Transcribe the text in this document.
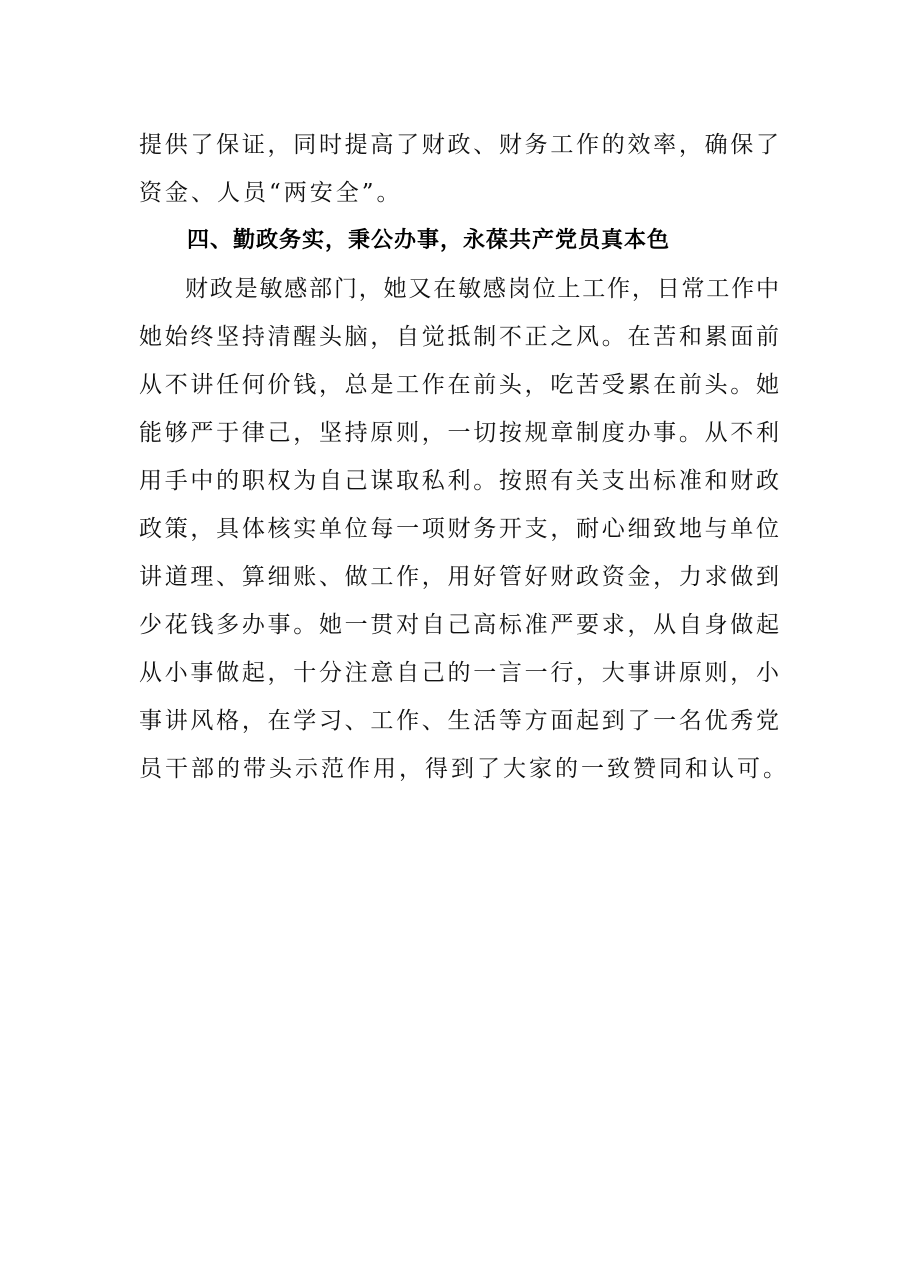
提供了保证，同时提高了财政、财务工作的效率，确保了
资金、人员“两安全”。
四、勤政务实，秉公办事，永葆共产党员真本色
财政是敏感部门，她又在敏感岗位上工作，日常工作中
她始终坚持清醒头脑，自觉抵制不正之风。在苦和累面前
从不讲任何价钱，总是工作在前头，吃苦受累在前头。她
能够严于律己，坚持原则，一切按规章制度办事。从不利
用手中的职权为自己谋取私利。按照有关支出标准和财政
政策，具体核实单位每一项财务开支，耐心细致地与单位
讲道理、算细账、做工作，用好管好财政资金，力求做到
少花钱多办事。她一贯对自己高标准严要求，从自身做起
从小事做起，十分注意自己的一言一行，大事讲原则，小
事讲风格，在学习、工作、生活等方面起到了一名优秀党
员干部的带头示范作用，得到了大家的一致赞同和认可。
